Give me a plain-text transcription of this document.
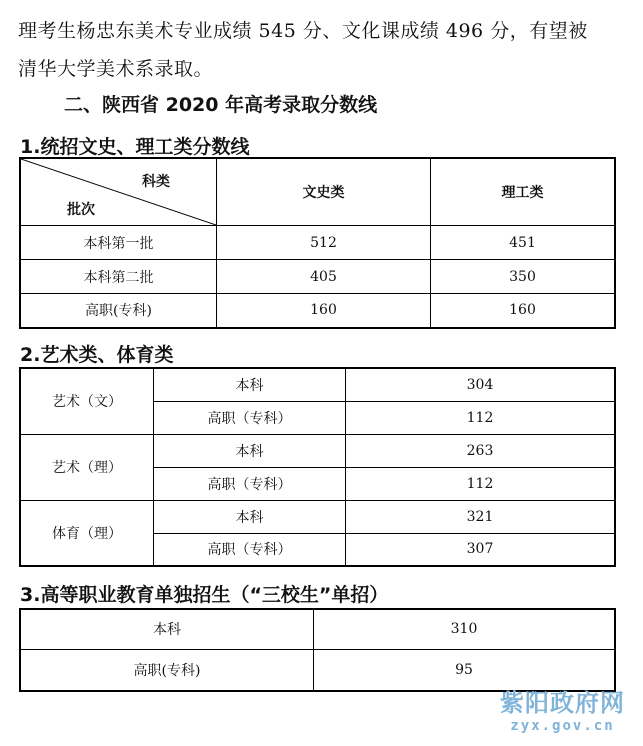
理考生杨忠东美术专业成绩 545 分、文化课成绩 496 分，有望被
清华大学美术系录取。
二、陕西省 2020 年高考录取分数线
1.统招文史、理工类分数线
科类
批次	文史类	理工类
本科第一批	512	451
本科第二批	405	350
高职(专科)	160	160
2.艺术类、体育类
艺术（文）	本科	304
	高职（专科）	112
艺术（理）	本科	263
	高职（专科）	112
体育（理）	本科	321
	高职（专科）	307
3.高等职业教育单独招生（“三校生”单招）
本科	310
高职(专科)	95
紫阳政府网
zyx.gov.cn
